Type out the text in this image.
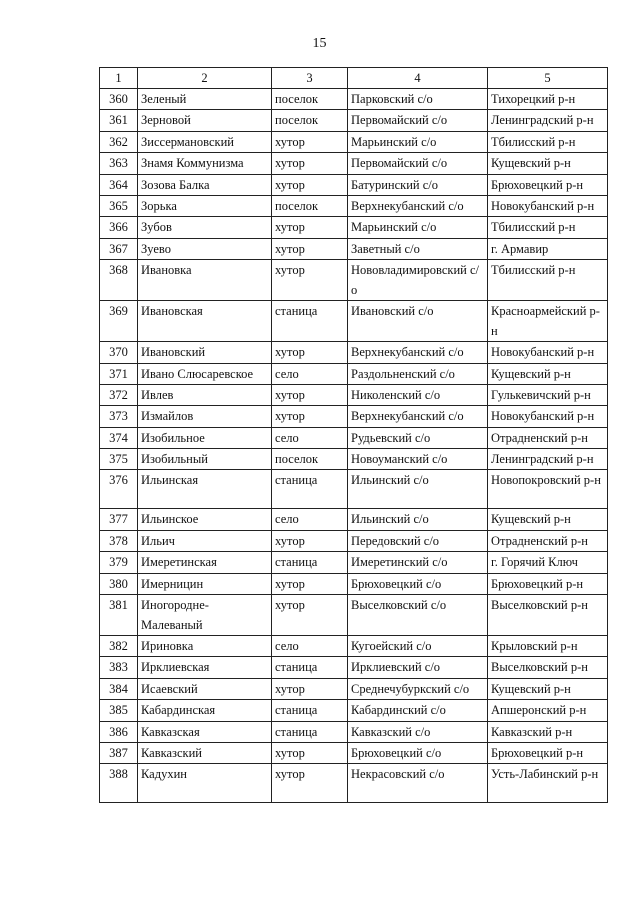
15
1	2	3	4	5
360	Зеленый	поселок	Парковский с/о	Тихорецкий р-н
361	Зерновой	поселок	Первомайский с/о	Ленинградский р-н
362	Зиссермановский	хутор	Марьинский с/о	Тбилисский р-н
363	Знамя Коммунизма	хутор	Первомайский с/о	Кущевский р-н
364	Зозова Балка	хутор	Батуринский с/о	Брюховецкий р-н
365	Зорька	поселок	Верхнекубанский с/о	Новокубанский р-н
366	Зубов	хутор	Марьинский с/о	Тбилисский р-н
367	Зуево	хутор	Заветный с/о	г. Армавир
368	Ивановка	хутор	Нововладимировский с/о	Тбилисский р-н
369	Ивановская	станица	Ивановский с/о	Красноармейский р-н
370	Ивановский	хутор	Верхнекубанский с/о	Новокубанский р-н
371	Ивано Слюсаревское	село	Раздольненский с/о	Кущевский р-н
372	Ивлев	хутор	Николенский с/о	Гулькевичский р-н
373	Измайлов	хутор	Верхнекубанский с/о	Новокубанский р-н
374	Изобильное	село	Рудьевский с/о	Отрадненский р-н
375	Изобильный	поселок	Новоуманский с/о	Ленинградский р-н
376	Ильинская	станица	Ильинский с/о	Новопокровский р-н
377	Ильинское	село	Ильинский с/о	Кущевский р-н
378	Ильич	хутор	Передовский с/о	Отрадненский р-н
379	Имеретинская	станица	Имеретинский с/о	г. Горячий Ключ
380	Имерницин	хутор	Брюховецкий с/о	Брюховецкий р-н
381	Иногородне-Малеваный	хутор	Выселковский с/о	Выселковский р-н
382	Ириновка	село	Кугоейский с/о	Крыловский р-н
383	Ирклиевская	станица	Ирклиевский с/о	Выселковский р-н
384	Исаевский	хутор	Среднечубуркский с/о	Кущевский р-н
385	Кабардинская	станица	Кабардинский с/о	Апшеронский р-н
386	Кавказская	станица	Кавказский с/о	Кавказский р-н
387	Кавказский	хутор	Брюховецкий с/о	Брюховецкий р-н
388	Кадухин	хутор	Некрасовский с/о	Усть-Лабинский р-н
